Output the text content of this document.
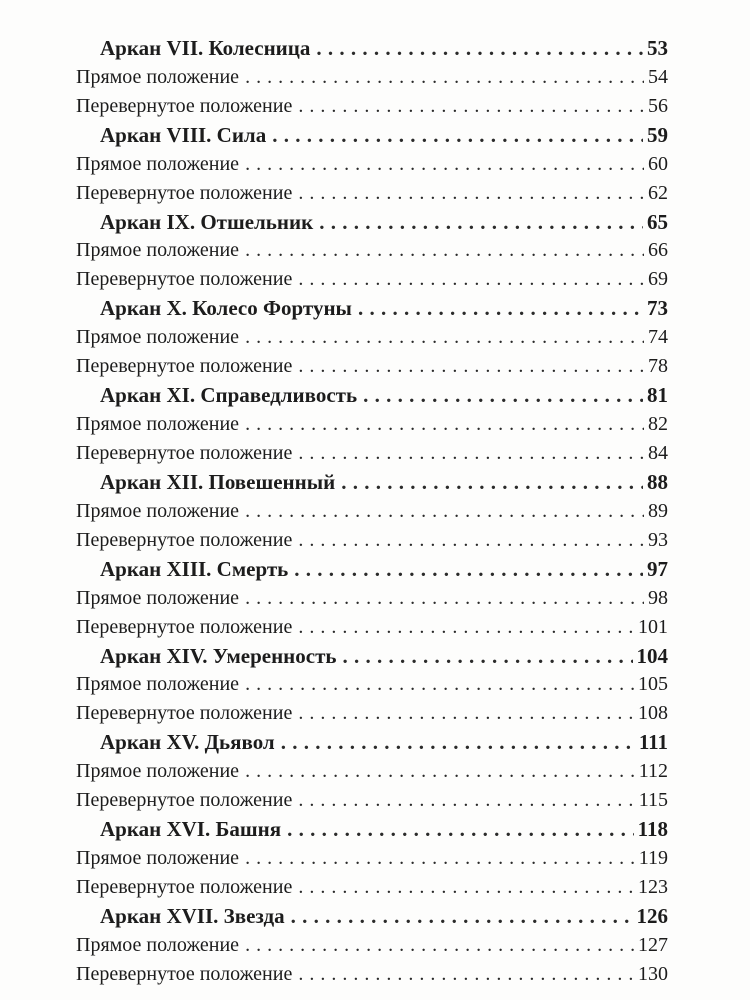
Аркан VII. Колесница . . .	53
Прямое положение . . .	54
Перевернутое положение . . .	56
Аркан VIII. Сила . . .	59
Прямое положение . . .	60
Перевернутое положение . . .	62
Аркан IX. Отшельник . . .	65
Прямое положение . . .	66
Перевернутое положение . . .	69
Аркан X. Колесо Фортуны . . .	73
Прямое положение . . .	74
Перевернутое положение . . .	78
Аркан XI. Справедливость . . .	81
Прямое положение . . .	82
Перевернутое положение . . .	84
Аркан XII. Повешенный . . .	88
Прямое положение . . .	89
Перевернутое положение . . .	93
Аркан XIII. Смерть . . .	97
Прямое положение . . .	98
Перевернутое положение . . .	101
Аркан XIV. Умеренность . . .	104
Прямое положение . . .	105
Перевернутое положение . . .	108
Аркан XV. Дьявол . . .	111
Прямое положение . . .	112
Перевернутое положение . . .	115
Аркан XVI. Башня . . .	118
Прямое положение . . .	119
Перевернутое положение . . .	123
Аркан XVII. Звезда . . .	126
Прямое положение . . .	127
Перевернутое положение . . .	130
